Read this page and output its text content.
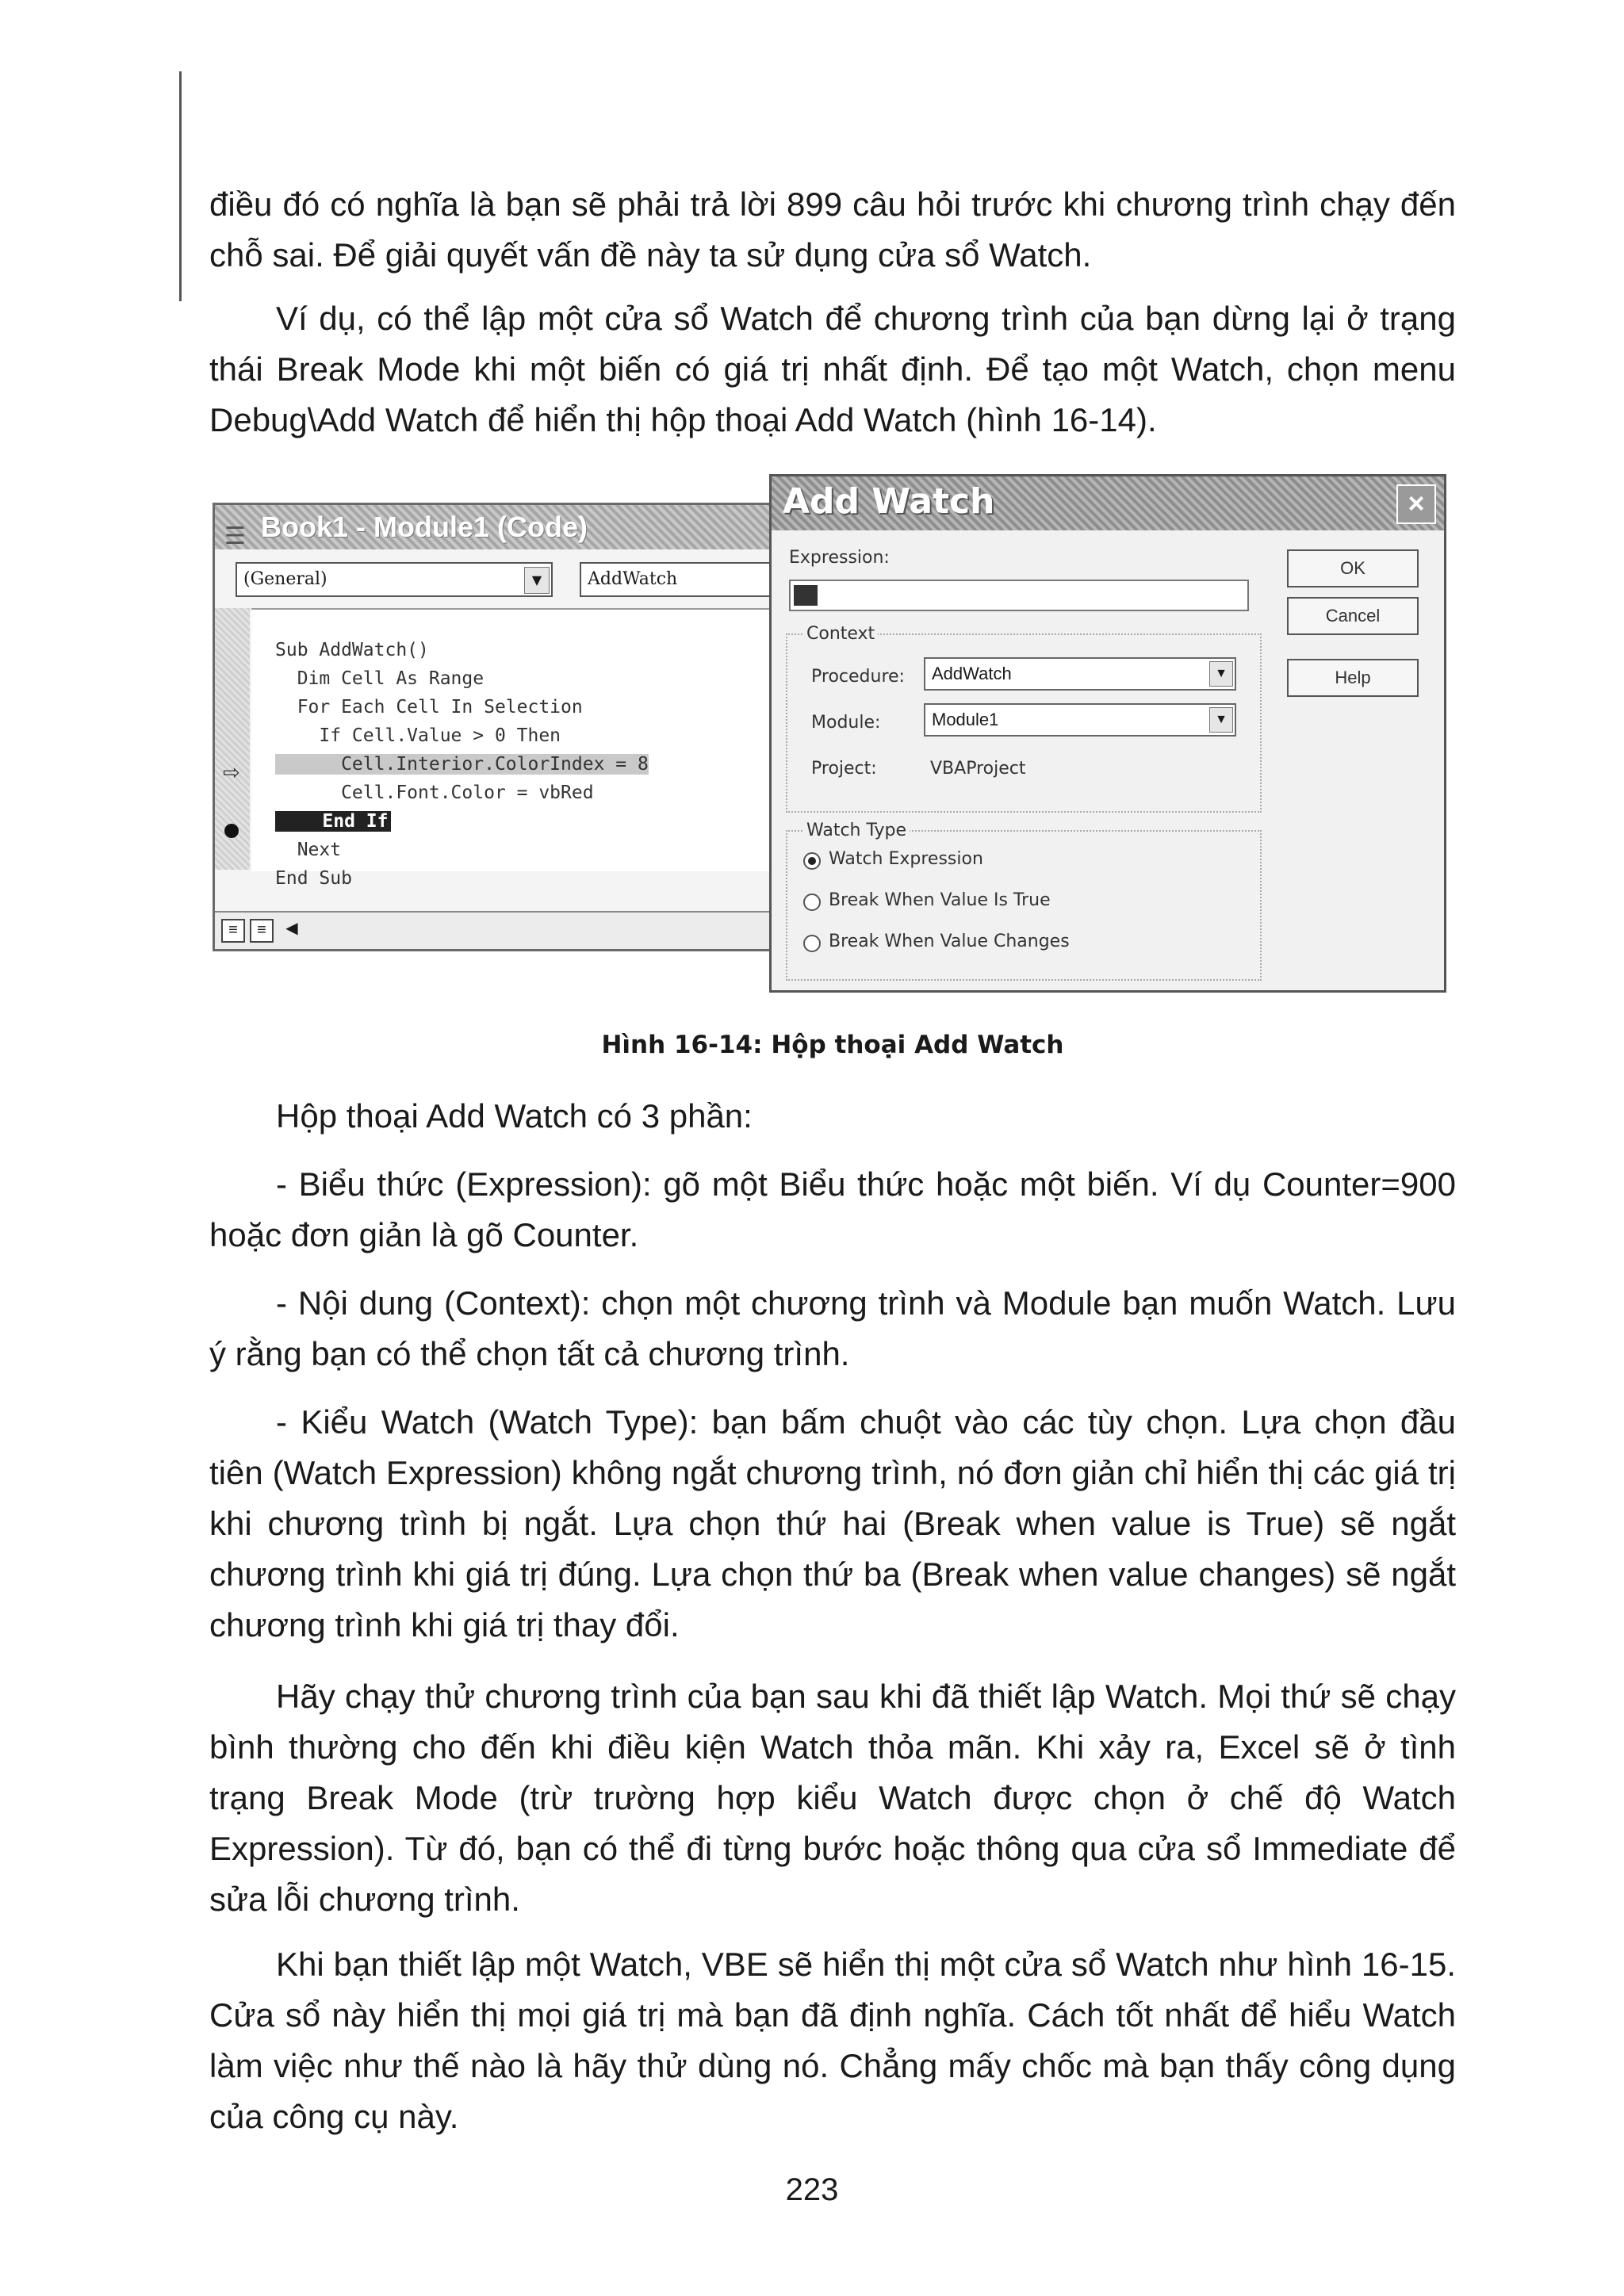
điều đó có nghĩa là bạn sẽ phải trả lời 899 câu hỏi trước khi chương trình chạy đến chỗ sai. Để giải quyết vấn đề này ta sử dụng cửa sổ Watch.

Ví dụ, có thể lập một cửa sổ Watch để chương trình của bạn dừng lại ở trạng thái Break Mode khi một biến có giá trị nhất định. Để tạo một Watch, chọn menu Debug\Add Watch để hiển thị hộp thoại Add Watch (hình 16-14).

☰ Book1 - Module1 (Code)
(General)	▼	AddWatch
⇨
Sub AddWatch()
Dim Cell As Range
For Each Cell In Selection
If Cell.Value > 0 Then
Cell.Interior.ColorIndex = 8
Cell.Font.Color = vbRed
End If
Next
End Sub
≡	≡	◀
Add Watch	×
Expression:
OK
Cancel
Help
Context
Procedure:	AddWatch	▼
Module:	Module1	▼
Project:	VBAProject
Watch Type
Watch Expression
Break When Value Is True
Break When Value Changes
Hình 16-14: Hộp thoại Add Watch

Hộp thoại Add Watch có 3 phần:

- Biểu thức (Expression): gõ một Biểu thức hoặc một biến. Ví dụ Counter=900 hoặc đơn giản là gõ Counter.

- Nội dung (Context): chọn một chương trình và Module bạn muốn Watch. Lưu ý rằng bạn có thể chọn tất cả chương trình.

- Kiểu Watch (Watch Type): bạn bấm chuột vào các tùy chọn. Lựa chọn đầu tiên (Watch Expression) không ngắt chương trình, nó đơn giản chỉ hiển thị các giá trị khi chương trình bị ngắt. Lựa chọn thứ hai (Break when value is True) sẽ ngắt chương trình khi giá trị đúng. Lựa chọn thứ ba (Break when value changes) sẽ ngắt chương trình khi giá trị thay đổi.

Hãy chạy thử chương trình của bạn sau khi đã thiết lập Watch. Mọi thứ sẽ chạy bình thường cho đến khi điều kiện Watch thỏa mãn. Khi xảy ra, Excel sẽ ở tình trạng Break Mode (trừ trường hợp kiểu Watch được chọn ở chế độ Watch Expression). Từ đó, bạn có thể đi từng bước hoặc thông qua cửa sổ Immediate để sửa lỗi chương trình.

Khi bạn thiết lập một Watch, VBE sẽ hiển thị một cửa sổ Watch như hình 16-15. Cửa sổ này hiển thị mọi giá trị mà bạn đã định nghĩa. Cách tốt nhất để hiểu Watch làm việc như thế nào là hãy thử dùng nó. Chẳng mấy chốc mà bạn thấy công dụng của công cụ này.

223
